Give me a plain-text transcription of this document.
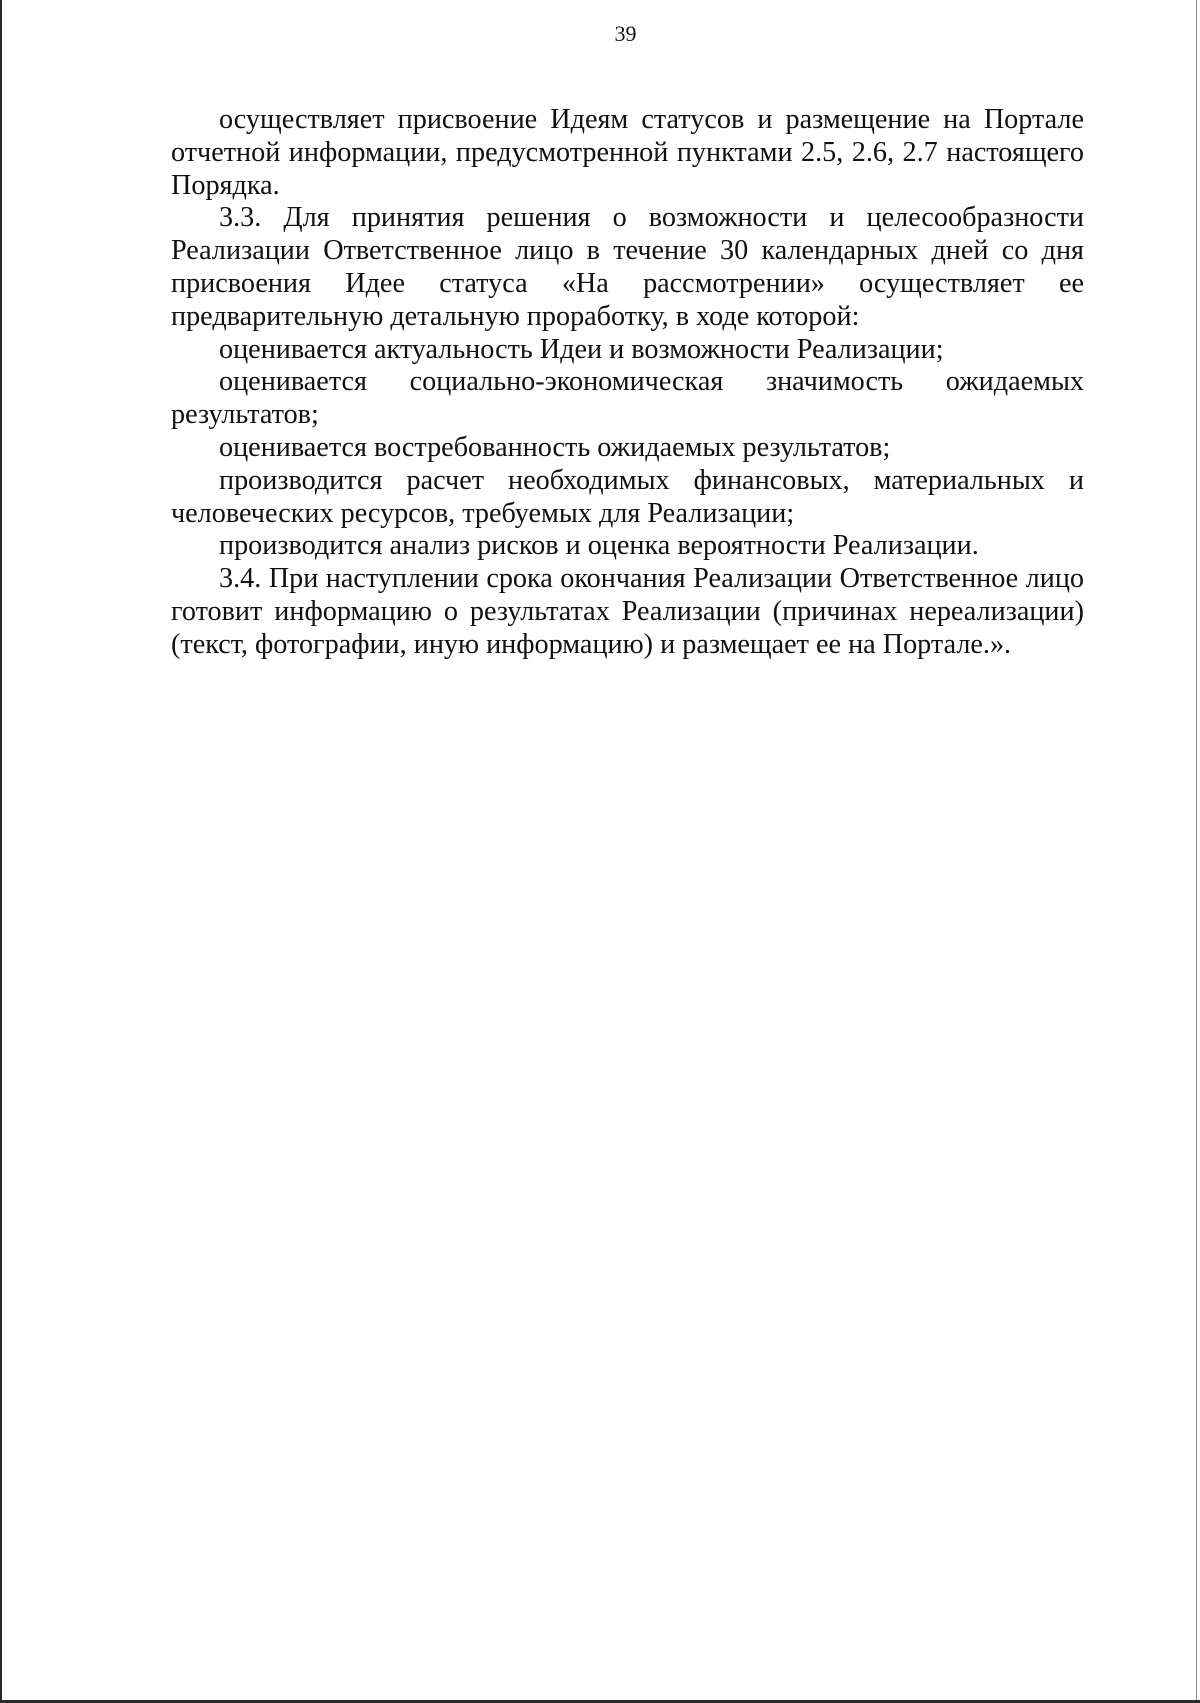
39

осуществляет присвоение Идеям статусов и размещение на Портале отчетной информации, предусмотренной пунктами 2.5, 2.6, 2.7 настоящего Порядка.

3.3. Для принятия решения о возможности и целесообразности Реализации Ответственное лицо в течение 30 календарных дней со дня присвоения Идее статуса «На рассмотрении» осуществляет ее предварительную детальную проработку, в ходе которой:

оценивается актуальность Идеи и возможности Реализации;

оценивается социально-экономическая значимость ожидаемых результатов;

оценивается востребованность ожидаемых результатов;

производится расчет необходимых финансовых, материальных и человеческих ресурсов, требуемых для Реализации;

производится анализ рисков и оценка вероятности Реализации.

3.4. При наступлении срока окончания Реализации Ответственное лицо готовит информацию о результатах Реализации (причинах нереализации) (текст, фотографии, иную информацию) и размещает ее на Портале.».
